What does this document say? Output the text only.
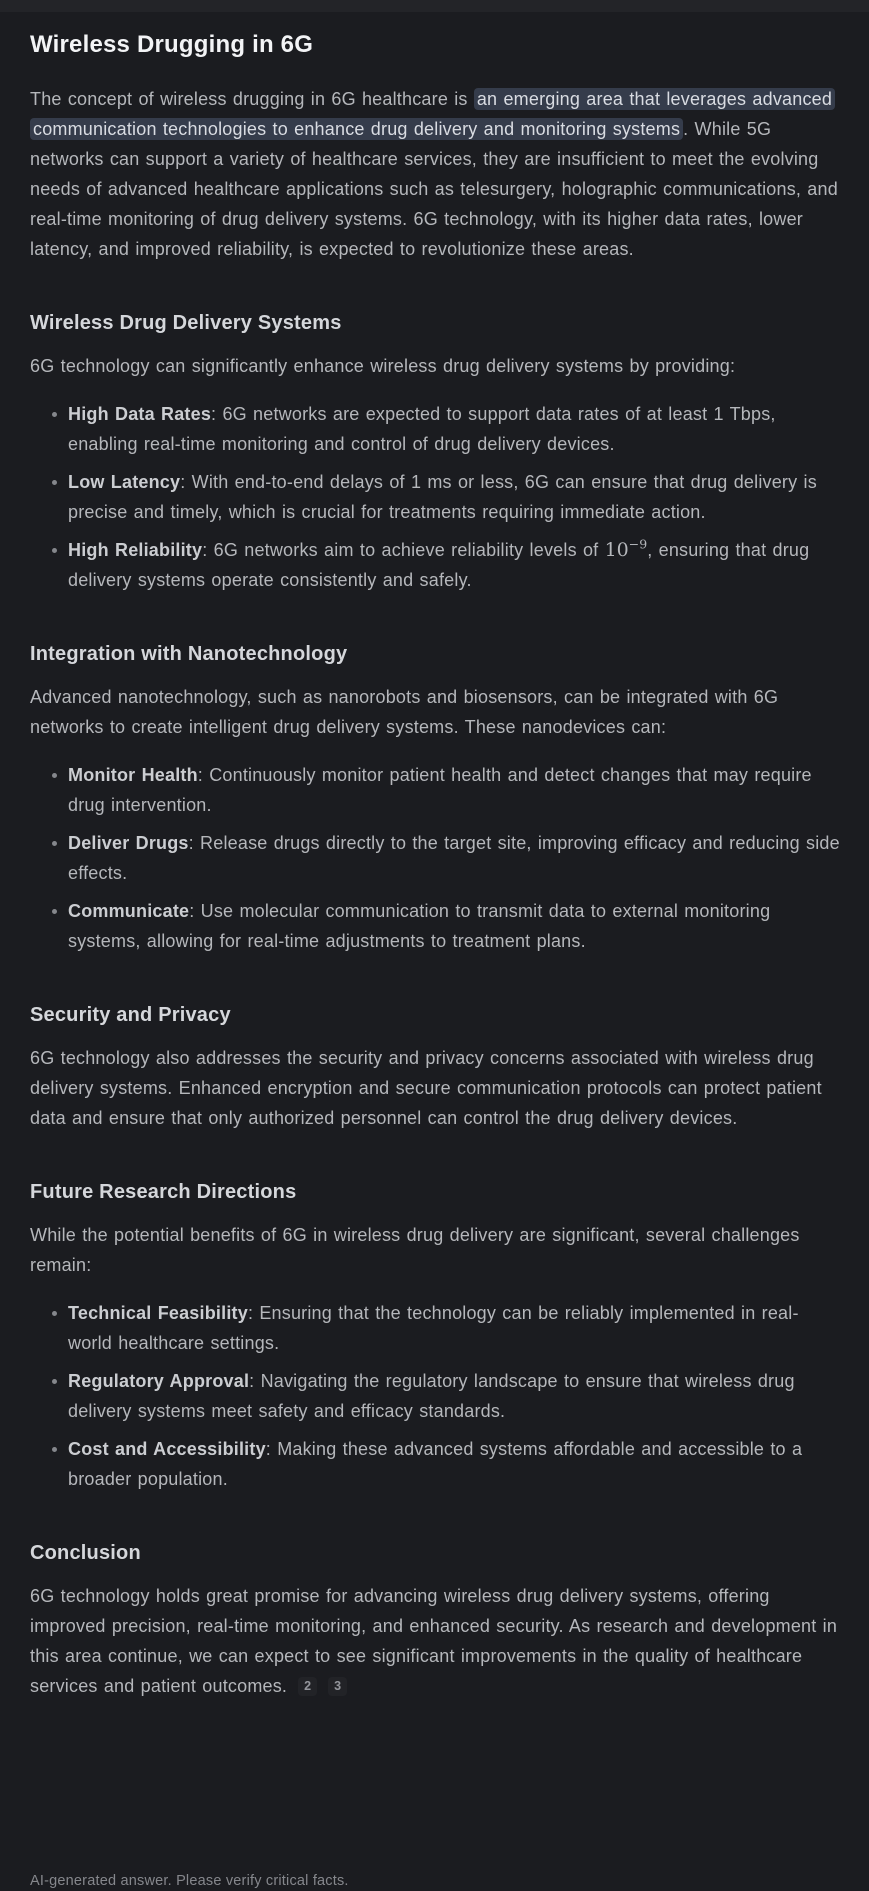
Wireless Drugging in 6G

The concept of wireless drugging in 6G healthcare is an emerging area that leverages advanced communication technologies to enhance drug delivery and monitoring systems . While 5G networks can support a variety of healthcare services, they are insufficient to meet the evolving needs of advanced healthcare applications such as telesurgery, holographic communications, and real-time monitoring of drug delivery systems. 6G technology, with its higher data rates, lower latency, and improved reliability, is expected to revolutionize these areas.

Wireless Drug Delivery Systems

6G technology can significantly enhance wireless drug delivery systems by providing:

High Data Rates: 6G networks are expected to support data rates of at least 1 Tbps, enabling real-time monitoring and control of drug delivery devices.
Low Latency: With end-to-end delays of 1 ms or less, 6G can ensure that drug delivery is precise and timely, which is crucial for treatments requiring immediate action.
High Reliability: 6G networks aim to achieve reliability levels of $10^{-9}$, ensuring that drug delivery systems operate consistently and safely.
Integration with Nanotechnology

Advanced nanotechnology, such as nanorobots and biosensors, can be integrated with 6G networks to create intelligent drug delivery systems. These nanodevices can:

Monitor Health: Continuously monitor patient health and detect changes that may require drug intervention.
Deliver Drugs: Release drugs directly to the target site, improving efficacy and reducing side effects.
Communicate: Use molecular communication to transmit data to external monitoring systems, allowing for real-time adjustments to treatment plans.
Security and Privacy

6G technology also addresses the security and privacy concerns associated with wireless drug delivery systems. Enhanced encryption and secure communication protocols can protect patient data and ensure that only authorized personnel can control the drug delivery devices.

Future Research Directions

While the potential benefits of 6G in wireless drug delivery are significant, several challenges remain:

Technical Feasibility: Ensuring that the technology can be reliably implemented in real-world healthcare settings.
Regulatory Approval: Navigating the regulatory landscape to ensure that wireless drug delivery systems meet safety and efficacy standards.
Cost and Accessibility: Making these advanced systems affordable and accessible to a broader population.
Conclusion

6G technology holds great promise for advancing wireless drug delivery systems, offering improved precision, real-time monitoring, and enhanced security. As research and development in this area continue, we can expect to see significant improvements in the quality of healthcare services and patient outcomes. 2 3

AI-generated answer. Please verify critical facts.
